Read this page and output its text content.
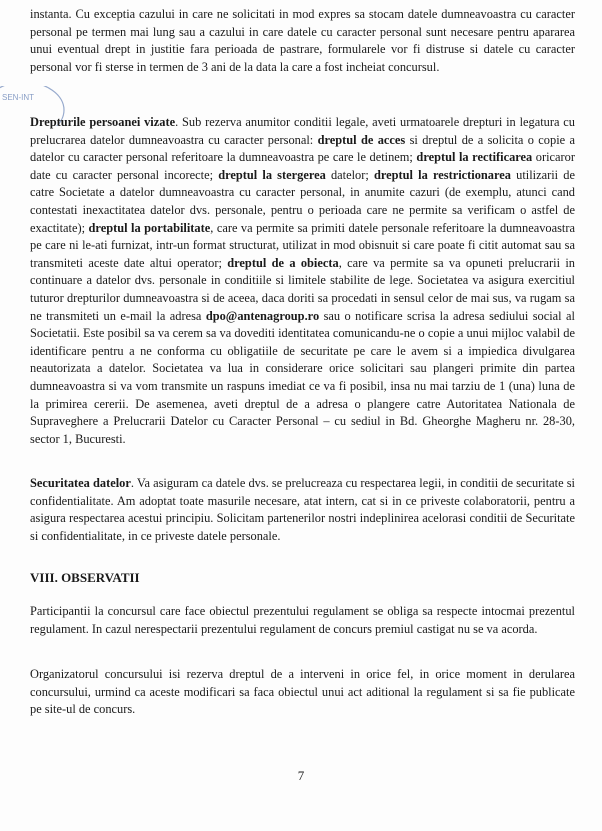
SEN-INT

instanta. Cu exceptia cazului in care ne solicitati in mod expres sa stocam datele dumneavoastra cu caracter personal pe termen mai lung sau a cazului in care datele cu caracter personal sunt necesare pentru apararea unui eventual drept in justitie fara perioada de pastrare, formularele vor fi distruse si datele cu caracter personal vor fi sterse in termen de 3 ani de la data la care a fost incheiat concursul.

Drepturile persoanei vizate. Sub rezerva anumitor conditii legale, aveti urmatoarele drepturi in legatura cu prelucrarea datelor dumneavoastra cu caracter personal: dreptul de acces si dreptul de a solicita o copie a datelor cu caracter personal referitoare la dumneavoastra pe care le detinem; dreptul la rectificarea oricaror date cu caracter personal incorecte; dreptul la stergerea datelor; dreptul la restrictionarea utilizarii de catre Societate a datelor dumneavoastra cu caracter personal, in anumite cazuri (de exemplu, atunci cand contestati inexactitatea datelor dvs. personale, pentru o perioada care ne permite sa verificam o astfel de exactitate); dreptul la portabilitate, care va permite sa primiti datele personale referitoare la dumneavoastra pe care ni le-ati furnizat, intr-un format structurat, utilizat in mod obisnuit si care poate fi citit automat sau sa transmiteti aceste date altui operator; dreptul de a obiecta, care va permite sa va opuneti prelucrarii in continuare a datelor dvs. personale in conditiile si limitele stabilite de lege. Societatea va asigura exercitiul tuturor drepturilor dumneavoastra si de aceea, daca doriti sa procedati in sensul celor de mai sus, va rugam sa ne transmiteti un e-mail la adresa dpo@antenagroup.ro sau o notificare scrisa la adresa sediului social al Societatii. Este posibil sa va cerem sa va dovediti identitatea comunicandu-ne o copie a unui mijloc valabil de identificare pentru a ne conforma cu obligatiile de securitate pe care le avem si a impiedica divulgarea neautorizata a datelor. Societatea va lua in considerare orice solicitari sau plangeri primite din partea dumneavoastra si va vom transmite un raspuns imediat ce va fi posibil, insa nu mai tarziu de 1 (una) luna de la primirea cererii. De asemenea, aveti dreptul de a adresa o plangere catre Autoritatea Nationala de Supraveghere a Prelucrarii Datelor cu Caracter Personal – cu sediul in Bd. Gheorghe Magheru nr. 28-30, sector 1, Bucuresti.

Securitatea datelor. Va asiguram ca datele dvs. se prelucreaza cu respectarea legii, in conditii de securitate si confidentialitate. Am adoptat toate masurile necesare, atat intern, cat si in ce priveste colaboratorii, pentru a asigura respectarea acestui principiu. Solicitam partenerilor nostri indeplinirea acelorasi conditii de Securitate si confidentialitate, in ce priveste datele personale.

VIII. OBSERVATII

Participantii la concursul care face obiectul prezentului regulament se obliga sa respecte intocmai prezentul regulament. In cazul nerespectarii prezentului regulament de concurs premiul castigat nu se va acorda.

Organizatorul concursului isi rezerva dreptul de a interveni in orice fel, in orice moment in derularea concursului, urmind ca aceste modificari sa faca obiectul unui act aditional la regulament si sa fie publicate pe site-ul de concurs.

7
